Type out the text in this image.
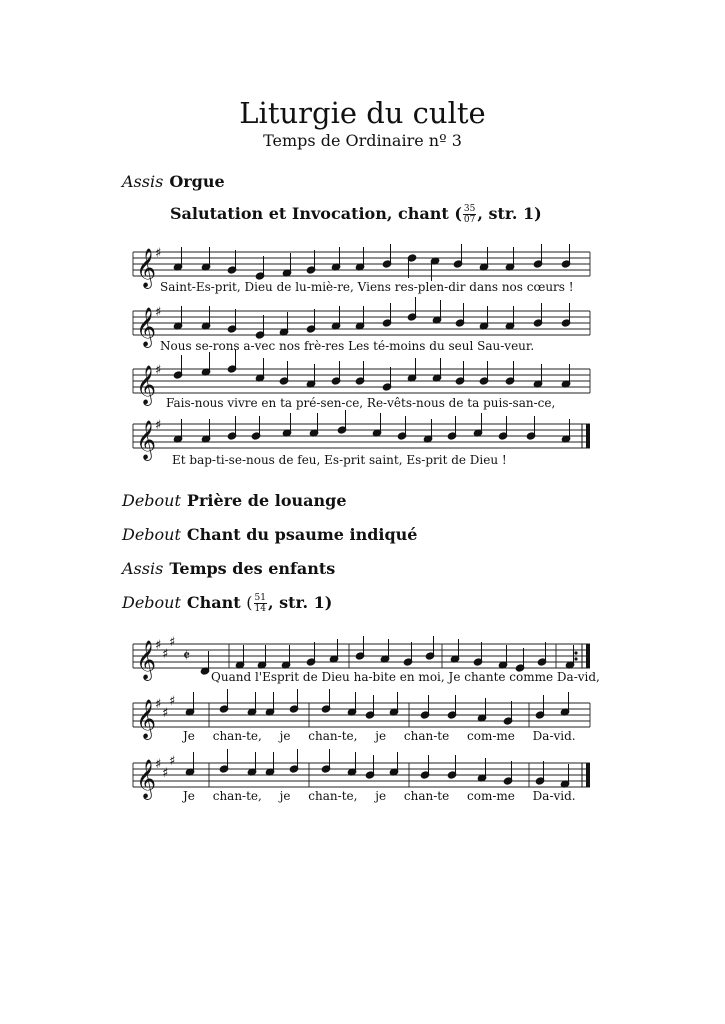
Liturgie du culte
Temps de Ordinaire nº 3
Assis Orgue
Salutation et Invocation, chant ( $\frac{35}{07}$ , str. 1)
𝄞
𝄞
𝄞
𝄞
𝄞
𝄞
𝄞
♯
♯
♯
♯
♯
♯
♯
♯
♯
♯
♯
♯
♯
𝄵
Saint-Es-prit, Dieu de lu-miè-re, Viens res-plen-dir dans nos cœurs !
Nous se-rons a-vec nos frè-res Les té-moins du seul Sau-veur.
Fais-nous vivre en ta pré-sen-ce, Re-vêts-nous de ta puis-san-ce,
Et bap-ti-se-nous de feu, Es-prit saint, Es-prit de Dieu !
Debout Prière de louange
Debout Chant du psaume indiqué
Assis Temps des enfants
Debout Chant ( $\frac{51}{14}$ , str. 1)
Quand l'Esprit de Dieu ha-bite en moi, Je chante comme Da-vid,
Je chan-te, je chan-te, je chan-te com-me Da-vid.
Je chan-te, je chan-te, je chan-te com-me Da-vid.
